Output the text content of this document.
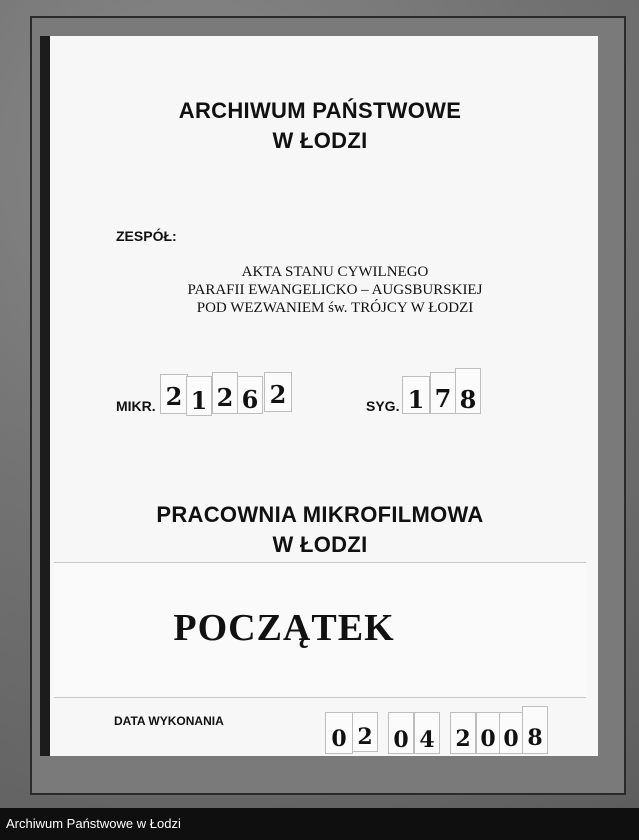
ARCHIWUM PAŃSTWOWE
W ŁODZI
ZESPÓŁ:
AKTA STANU CYWILNEGO
PARAFII EWANGELICKO – AUGSBURSKIEJ
POD WEZWANIEM św. TRÓJCY W ŁODZI
MIKR. 2 1 2 6 2	SYG. 1 7 8
PRACOWNIA MIKROFILMOWA
W ŁODZI
POCZĄTEK
DATA WYKONANIA
0 2 0 4 2 0 0 8
Archiwum Państwowe w Łodzi
